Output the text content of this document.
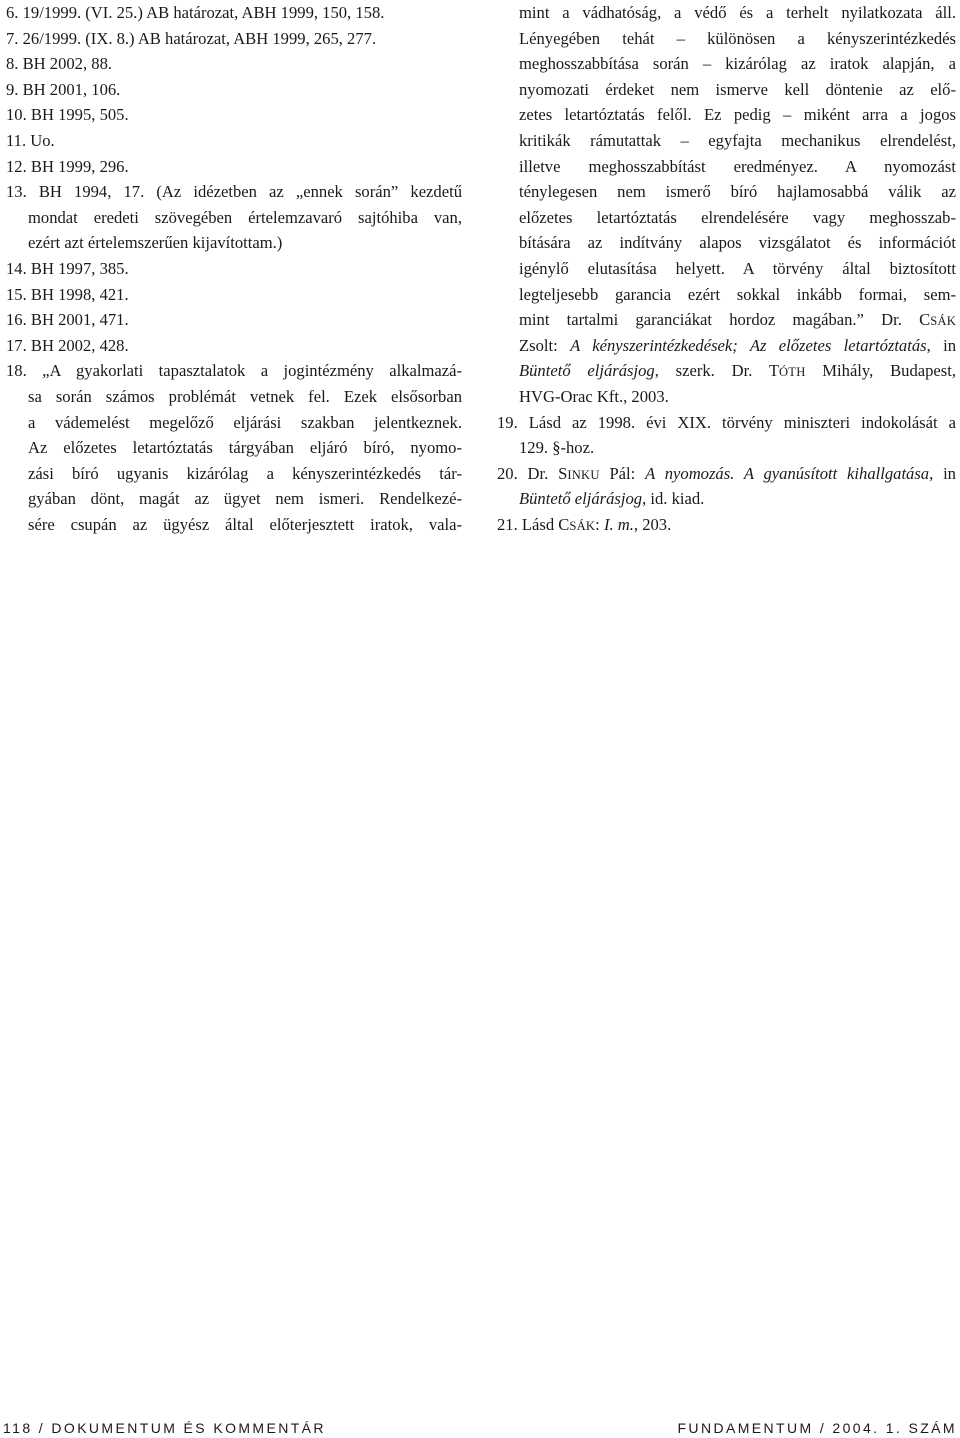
6. 19/1999. (VI. 25.) AB határozat, ABH 1999, 150, 158.
7. 26/1999. (IX. 8.) AB határozat, ABH 1999, 265, 277.
8. BH 2002, 88.
9. BH 2001, 106.
10. BH 1995, 505.
11. Uo.
12. BH 1999, 296.
13. BH 1994, 17. (Az idézetben az „ennek során” kezdetű
mondat eredeti szövegében értelemzavaró sajtóhiba van,
ezért azt értelemszerűen kijavítottam.)
14. BH 1997, 385.
15. BH 1998, 421.
16. BH 2001, 471.
17. BH 2002, 428.
18. „A gyakorlati tapasztalatok a jogintézmény alkalmazá-
sa során számos problémát vetnek fel. Ezek elsősorban
a vádemelést megelőző eljárási szakban jelentkeznek.
Az előzetes letartóztatás tárgyában eljáró bíró, nyomo-
zási bíró ugyanis kizárólag a kényszerintézkedés tár-
gyában dönt, magát az ügyet nem ismeri. Rendelkezé-
sére csupán az ügyész által előterjesztett iratok, vala-
mint a vádhatóság, a védő és a terhelt nyilatkozata áll.
Lényegében tehát – különösen a kényszerintézkedés
meghosszabbítása során – kizárólag az iratok alapján, a
nyomozati érdeket nem ismerve kell döntenie az elő-
zetes letartóztatás felől. Ez pedig – miként arra a jogos
kritikák rámutattak – egyfajta mechanikus elrendelést,
illetve meghosszabbítást eredményez. A nyomozást
ténylegesen nem ismerő bíró hajlamosabbá válik az
előzetes letartóztatás elrendelésére vagy meghosszab-
bítására az indítvány alapos vizsgálatot és információt
igénylő elutasítása helyett. A törvény által biztosított
legteljesebb garancia ezért sokkal inkább formai, sem-
mint tartalmi garanciákat hordoz magában.” Dr. CSÁK
Zsolt: A kényszerintézkedések; Az előzetes letartóztatás, in
Büntető eljárásjog, szerk. Dr. TÓTH Mihály, Budapest,
HVG-Orac Kft., 2003.
19. Lásd az 1998. évi XIX. törvény miniszteri indokolását a
129. §-hoz.
20. Dr. SINKU Pál: A nyomozás. A gyanúsított kihallgatása, in
Büntető eljárásjog, id. kiad.
21. Lásd CSÁK: I. m., 203.
118 / DOKUMENTUM ÉS KOMMENTÁR	FUNDAMENTUM / 2004. 1. SZÁM
